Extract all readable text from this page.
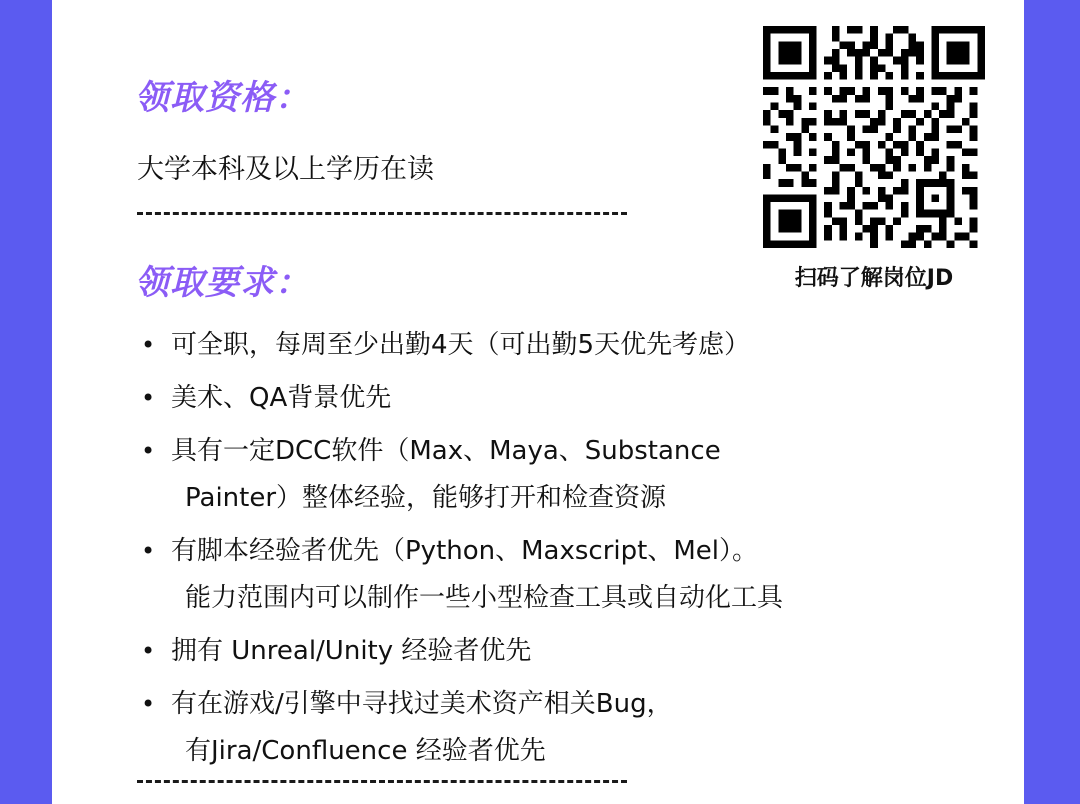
领取资格：
大学本科及以上学历在读
领取要求：
• 可全职，每周至少出勤4天（可出勤5天优先考虑）
• 美术、QA背景优先
• 具有一定DCC软件（Max、Maya、Substance
Painter）整体经验，能够打开和检查资源
• 有脚本经验者优先（Python、Maxscript、Mel）。
能力范围内可以制作一些小型检查工具或自动化工具
• 拥有 Unreal/Unity 经验者优先
• 有在游戏/引擎中寻找过美术资产相关Bug，
有Jira/Confluence 经验者优先
扫码了解岗位JD
